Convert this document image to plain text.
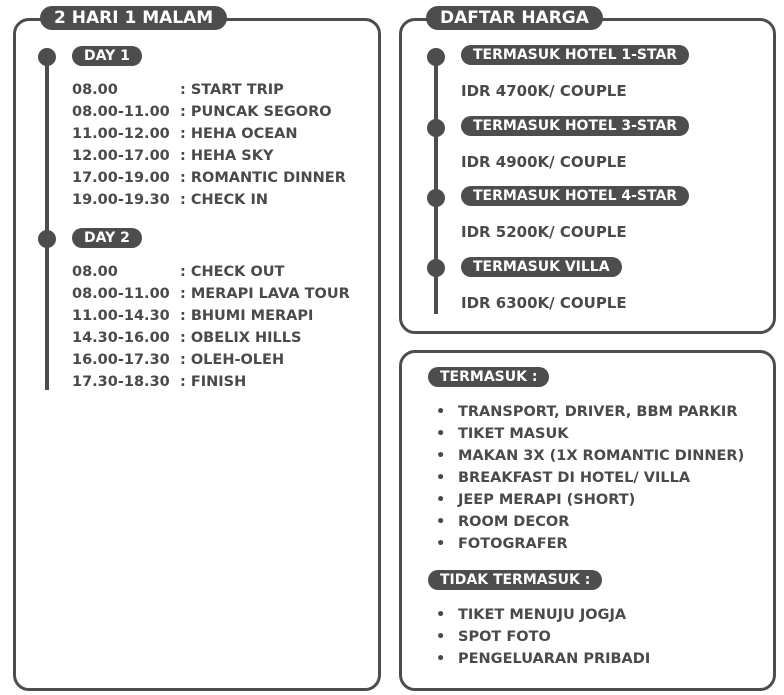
2 HARI 1 MALAM
DAY 1
08.00	: START TRIP
08.00-11.00 : PUNCAK SEGORO
11.00-12.00 : HEHA OCEAN
12.00-17.00 : HEHA SKY
17.00-19.00 : ROMANTIC DINNER
19.00-19.30 : CHECK IN
DAY 2
08.00	: CHECK OUT
08.00-11.00 : MERAPI LAVA TOUR
11.00-14.30 : BHUMI MERAPI
14.30-16.00 : OBELIX HILLS
16.00-17.30 : OLEH-OLEH
17.30-18.30 : FINISH
DAFTAR HARGA
TERMASUK HOTEL 1-STAR
IDR 4700K/ COUPLE
TERMASUK HOTEL 3-STAR
IDR 4900K/ COUPLE
TERMASUK HOTEL 4-STAR
IDR 5200K/ COUPLE
TERMASUK VILLA
IDR 6300K/ COUPLE
TERMASUK :
• TRANSPORT, DRIVER, BBM PARKIR
• TIKET MASUK
• MAKAN 3X (1X ROMANTIC DINNER)
• BREAKFAST DI HOTEL/ VILLA
• JEEP MERAPI (SHORT)
• ROOM DECOR
• FOTOGRAFER
TIDAK TERMASUK :
• TIKET MENUJU JOGJA
• SPOT FOTO
• PENGELUARAN PRIBADI
